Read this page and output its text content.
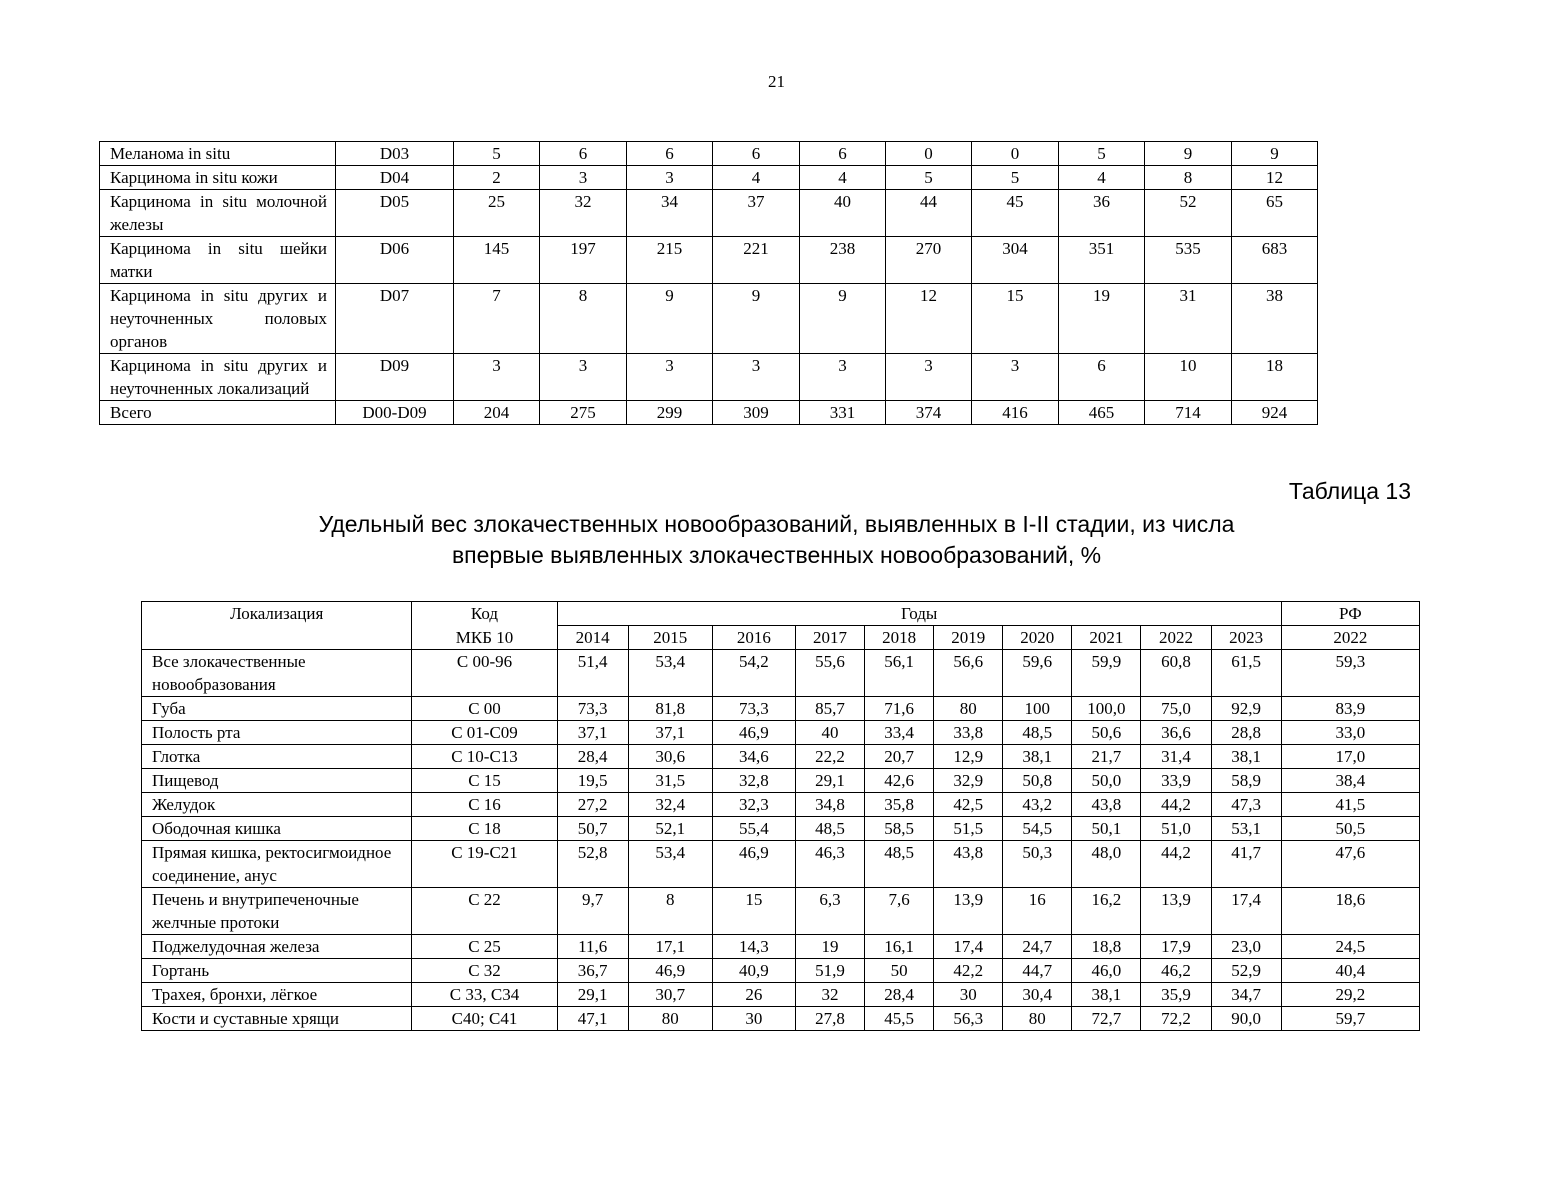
21
Меланома in situ	D03	5	6	6	6	6	0	0	5	9	9
Карцинома in situ кожи	D04	2	3	3	4	4	5	5	4	8	12
Карцинома in situ молочной железы	D05	25	32	34	37	40	44	45	36	52	65
Карцинома in situ шейки матки	D06	145	197	215	221	238	270	304	351	535	683
Карцинома in situ других и неуточненных половых органов	D07	7	8	9	9	9	12	15	19	31	38
Карцинома in situ других и неуточненных локализаций	D09	3	3	3	3	3	3	3	6	10	18
Всего	D00-D09	204	275	299	309	331	374	416	465	714	924
Таблица 13
Удельный вес злокачественных новообразований, выявленных в I-II стадии, из числа
впервые выявленных злокачественных новообразований, %
Локализация	Код	Годы										РФ
	МКБ 10	2014	2015	2016	2017	2018	2019	2020	2021	2022	2023	2022
Все злокачественные новообразования	С 00-96	51,4	53,4	54,2	55,6	56,1	56,6	59,6	59,9	60,8	61,5	59,3
Губа	С 00	73,3	81,8	73,3	85,7	71,6	80	100	100,0	75,0	92,9	83,9
Полость рта	С 01-С09	37,1	37,1	46,9	40	33,4	33,8	48,5	50,6	36,6	28,8	33,0
Глотка	С 10-С13	28,4	30,6	34,6	22,2	20,7	12,9	38,1	21,7	31,4	38,1	17,0
Пищевод	С 15	19,5	31,5	32,8	29,1	42,6	32,9	50,8	50,0	33,9	58,9	38,4
Желудок	С 16	27,2	32,4	32,3	34,8	35,8	42,5	43,2	43,8	44,2	47,3	41,5
Ободочная кишка	С 18	50,7	52,1	55,4	48,5	58,5	51,5	54,5	50,1	51,0	53,1	50,5
Прямая кишка, ректосигмоидное соединение, анус	С 19-С21	52,8	53,4	46,9	46,3	48,5	43,8	50,3	48,0	44,2	41,7	47,6
Печень и внутрипеченочные желчные протоки	С 22	9,7	8	15	6,3	7,6	13,9	16	16,2	13,9	17,4	18,6
Поджелудочная железа	С 25	11,6	17,1	14,3	19	16,1	17,4	24,7	18,8	17,9	23,0	24,5
Гортань	С 32	36,7	46,9	40,9	51,9	50	42,2	44,7	46,0	46,2	52,9	40,4
Трахея, бронхи, лёгкое	С 33, С34	29,1	30,7	26	32	28,4	30	30,4	38,1	35,9	34,7	29,2
Кости и суставные хрящи	С40; С41	47,1	80	30	27,8	45,5	56,3	80	72,7	72,2	90,0	59,7
